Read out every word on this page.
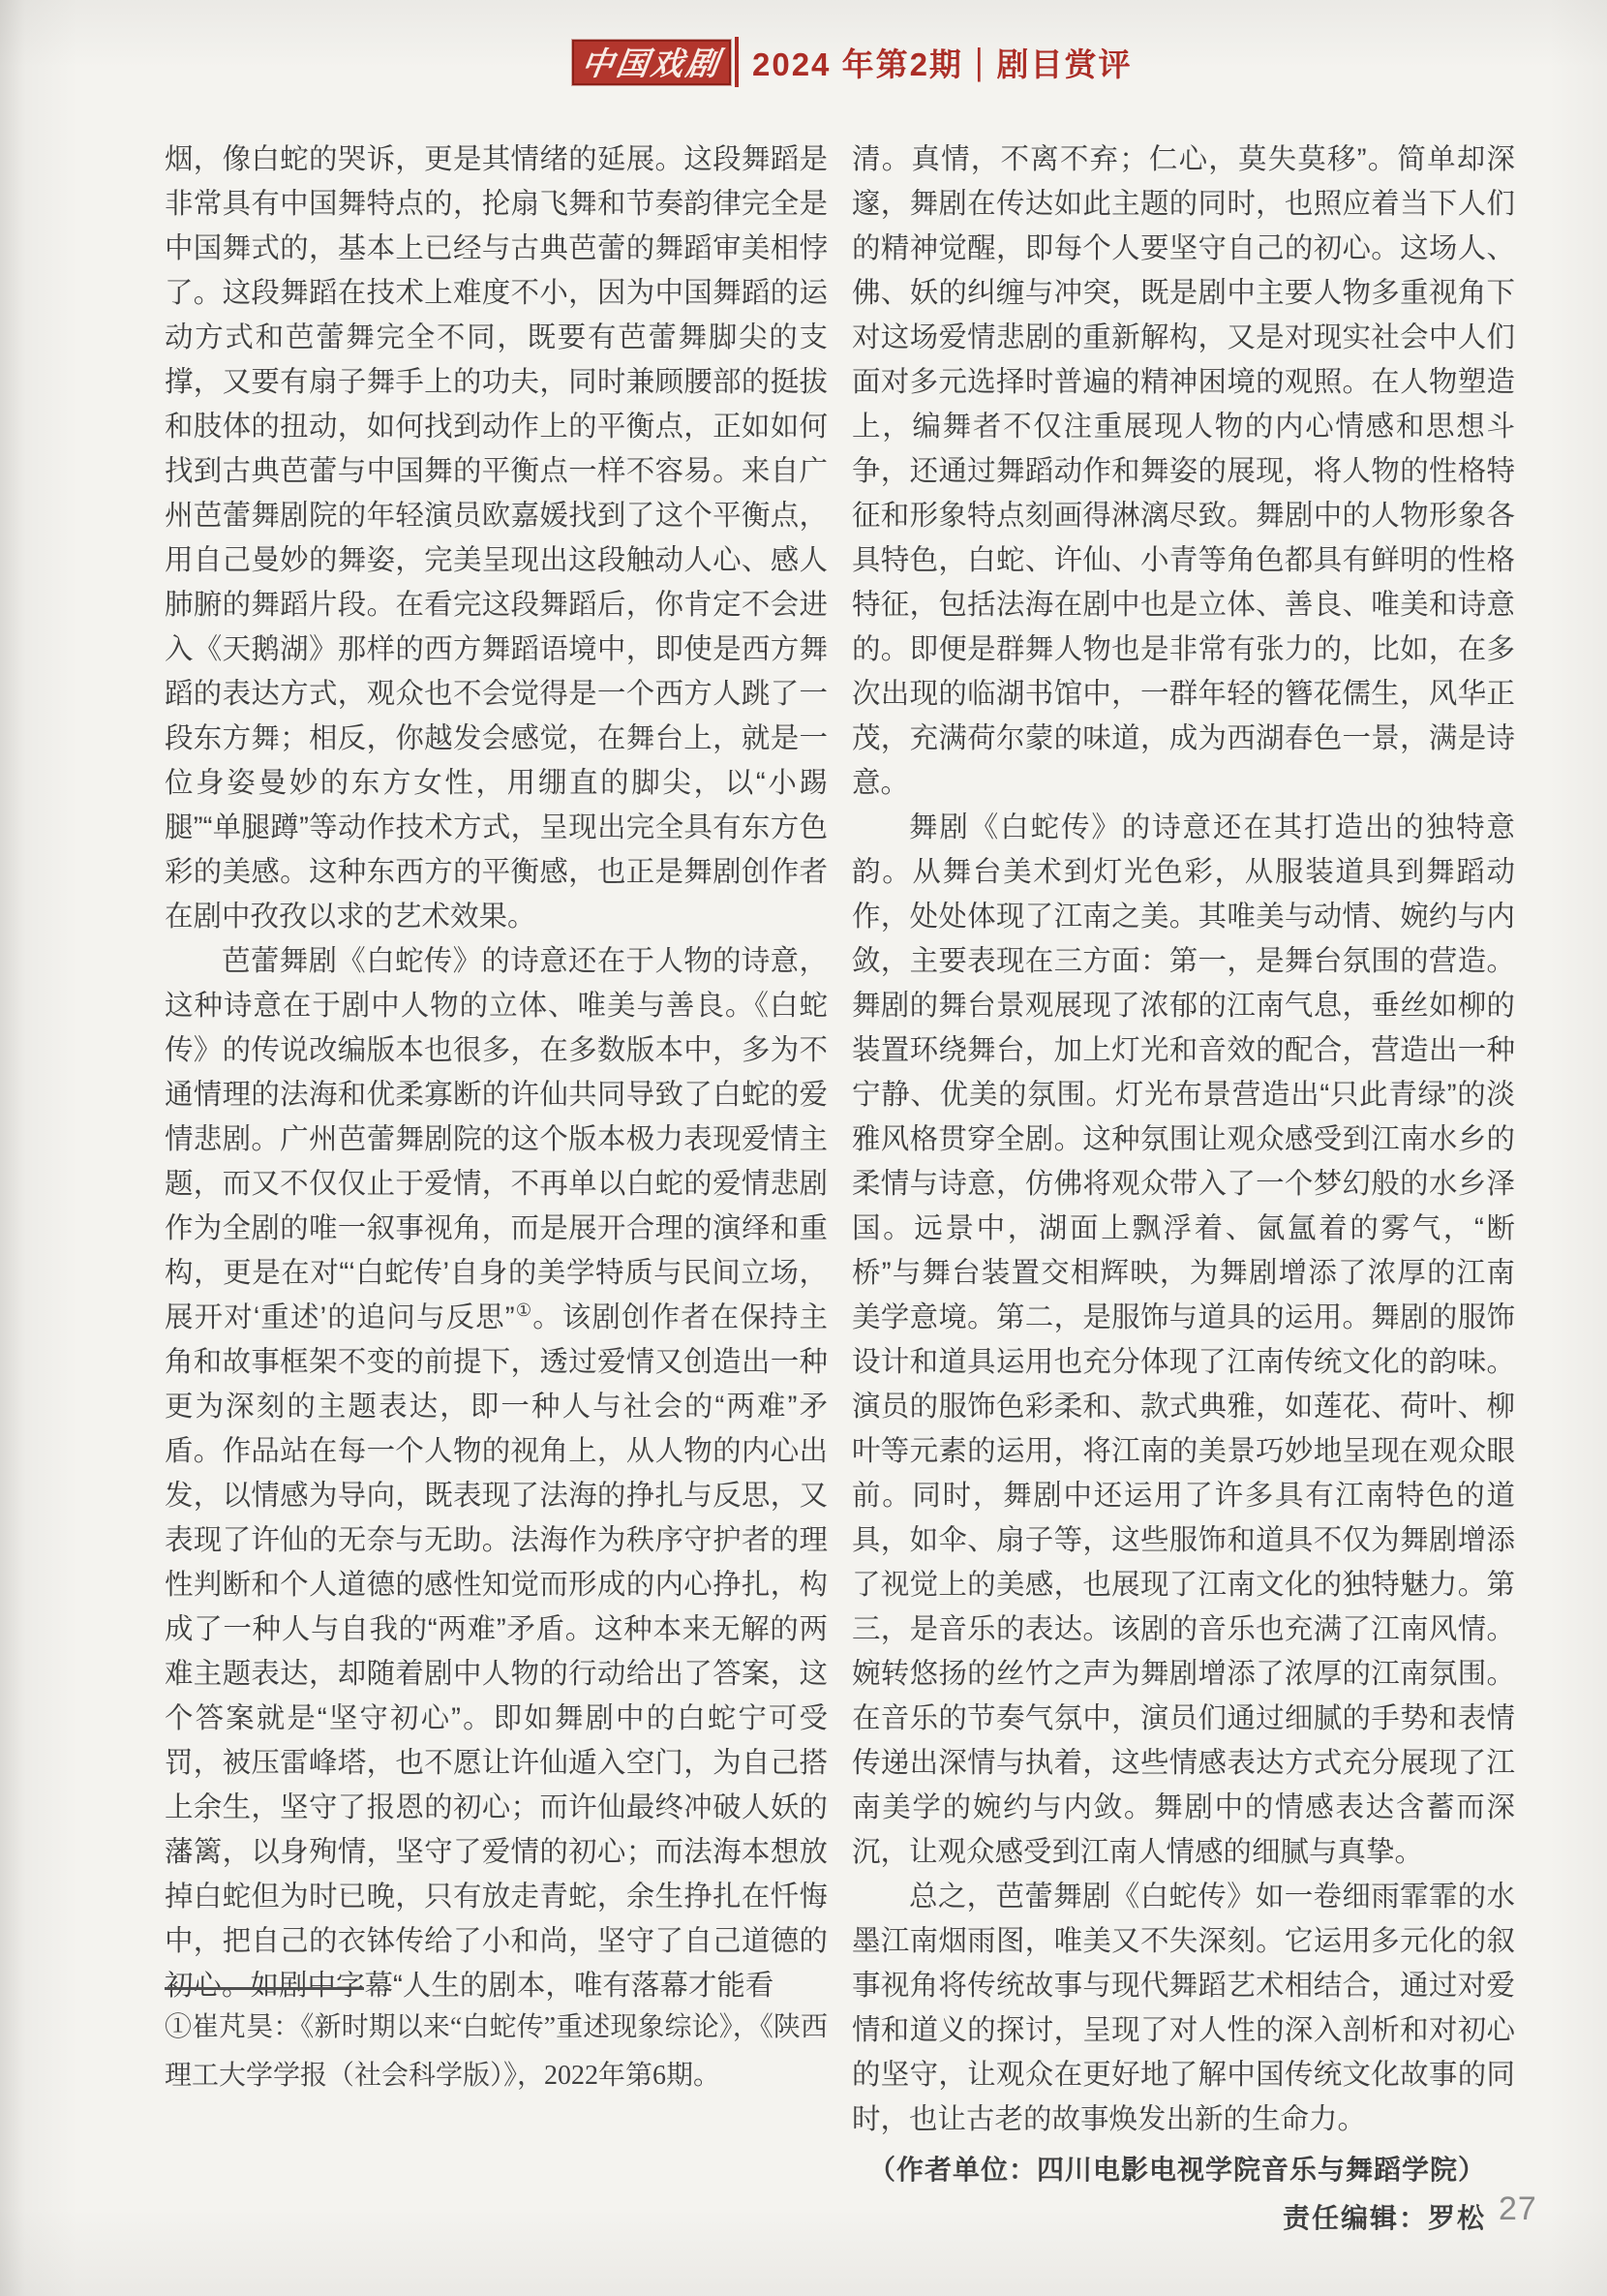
中国戏剧 2024 年第2期 | 剧目赏评

烟，像白蛇的哭诉，更是其情绪的延展。这段舞蹈是非常具有中国舞特点的，抡扇飞舞和节奏韵律完全是中国舞式的，基本上已经与古典芭蕾的舞蹈审美相悖了。这段舞蹈在技术上难度不小，因为中国舞蹈的运动方式和芭蕾舞完全不同，既要有芭蕾舞脚尖的支撑，又要有扇子舞手上的功夫，同时兼顾腰部的挺拔和肢体的扭动，如何找到动作上的平衡点，正如如何找到古典芭蕾与中国舞的平衡点一样不容易。来自广州芭蕾舞剧院的年轻演员欧嘉媛找到了这个平衡点，用自己曼妙的舞姿，完美呈现出这段触动人心、感人肺腑的舞蹈片段。在看完这段舞蹈后，你肯定不会进入《天鹅湖》那样的西方舞蹈语境中，即使是西方舞蹈的表达方式，观众也不会觉得是一个西方人跳了一段东方舞；相反，你越发会感觉，在舞台上，就是一位身姿曼妙的东方女性，用绷直的脚尖，以“小踢腿”“单腿蹲”等动作技术方式，呈现出完全具有东方色彩的美感。这种东西方的平衡感，也正是舞剧创作者在剧中孜孜以求的艺术效果。

芭蕾舞剧《白蛇传》的诗意还在于人物的诗意，这种诗意在于剧中人物的立体、唯美与善良。《白蛇传》的传说改编版本也很多，在多数版本中，多为不通情理的法海和优柔寡断的许仙共同导致了白蛇的爱情悲剧。广州芭蕾舞剧院的这个版本极力表现爱情主题，而又不仅仅止于爱情，不再单以白蛇的爱情悲剧作为全剧的唯一叙事视角，而是展开合理的演绎和重构，更是在对“‘白蛇传’自身的美学特质与民间立场，展开对‘重述’的追问与反思”①。该剧创作者在保持主角和故事框架不变的前提下，透过爱情又创造出一种更为深刻的主题表达，即一种人与社会的“两难”矛盾。作品站在每一个人物的视角上，从人物的内心出发，以情感为导向，既表现了法海的挣扎与反思，又表现了许仙的无奈与无助。法海作为秩序守护者的理性判断和个人道德的感性知觉而形成的内心挣扎，构成了一种人与自我的“两难”矛盾。这种本来无解的两难主题表达，却随着剧中人物的行动给出了答案，这个答案就是“坚守初心”。即如舞剧中的白蛇宁可受罚，被压雷峰塔，也不愿让许仙遁入空门，为自己搭上余生，坚守了报恩的初心；而许仙最终冲破人妖的藩篱，以身殉情，坚守了爱情的初心；而法海本想放掉白蛇但为时已晚，只有放走青蛇，余生挣扎在忏悔中，把自己的衣钵传给了小和尚，坚守了自己道德的初心。如剧中字幕“人生的剧本，唯有落幕才能看

①崔芃昊：《新时期以来“白蛇传”重述现象综论》，《陕西理工大学学报（社会科学版）》，2022年第6期。

清。真情，不离不弃；仁心，莫失莫移”。简单却深邃，舞剧在传达如此主题的同时，也照应着当下人们的精神觉醒，即每个人要坚守自己的初心。这场人、佛、妖的纠缠与冲突，既是剧中主要人物多重视角下对这场爱情悲剧的重新解构，又是对现实社会中人们面对多元选择时普遍的精神困境的观照。在人物塑造上，编舞者不仅注重展现人物的内心情感和思想斗争，还通过舞蹈动作和舞姿的展现，将人物的性格特征和形象特点刻画得淋漓尽致。舞剧中的人物形象各具特色，白蛇、许仙、小青等角色都具有鲜明的性格特征，包括法海在剧中也是立体、善良、唯美和诗意的。即便是群舞人物也是非常有张力的，比如，在多次出现的临湖书馆中，一群年轻的簪花儒生，风华正茂，充满荷尔蒙的味道，成为西湖春色一景，满是诗意。

舞剧《白蛇传》的诗意还在其打造出的独特意韵。从舞台美术到灯光色彩，从服装道具到舞蹈动作，处处体现了江南之美。其唯美与动情、婉约与内敛，主要表现在三方面：第一，是舞台氛围的营造。舞剧的舞台景观展现了浓郁的江南气息，垂丝如柳的装置环绕舞台，加上灯光和音效的配合，营造出一种宁静、优美的氛围。灯光布景营造出“只此青绿”的淡雅风格贯穿全剧。这种氛围让观众感受到江南水乡的柔情与诗意，仿佛将观众带入了一个梦幻般的水乡泽国。远景中，湖面上飘浮着、氤氲着的雾气，“断桥”与舞台装置交相辉映，为舞剧增添了浓厚的江南美学意境。第二，是服饰与道具的运用。舞剧的服饰设计和道具运用也充分体现了江南传统文化的韵味。演员的服饰色彩柔和、款式典雅，如莲花、荷叶、柳叶等元素的运用，将江南的美景巧妙地呈现在观众眼前。同时，舞剧中还运用了许多具有江南特色的道具，如伞、扇子等，这些服饰和道具不仅为舞剧增添了视觉上的美感，也展现了江南文化的独特魅力。第三，是音乐的表达。该剧的音乐也充满了江南风情。婉转悠扬的丝竹之声为舞剧增添了浓厚的江南氛围。在音乐的节奏气氛中，演员们通过细腻的手势和表情传递出深情与执着，这些情感表达方式充分展现了江南美学的婉约与内敛。舞剧中的情感表达含蓄而深沉，让观众感受到江南人情感的细腻与真挚。

总之，芭蕾舞剧《白蛇传》如一卷细雨霏霏的水墨江南烟雨图，唯美又不失深刻。它运用多元化的叙事视角将传统故事与现代舞蹈艺术相结合，通过对爱情和道义的探讨，呈现了对人性的深入剖析和对初心的坚守，让观众在更好地了解中国传统文化故事的同时，也让古老的故事焕发出新的生命力。

（作者单位：四川电影电视学院音乐与舞蹈学院）

责任编辑：罗松 27
